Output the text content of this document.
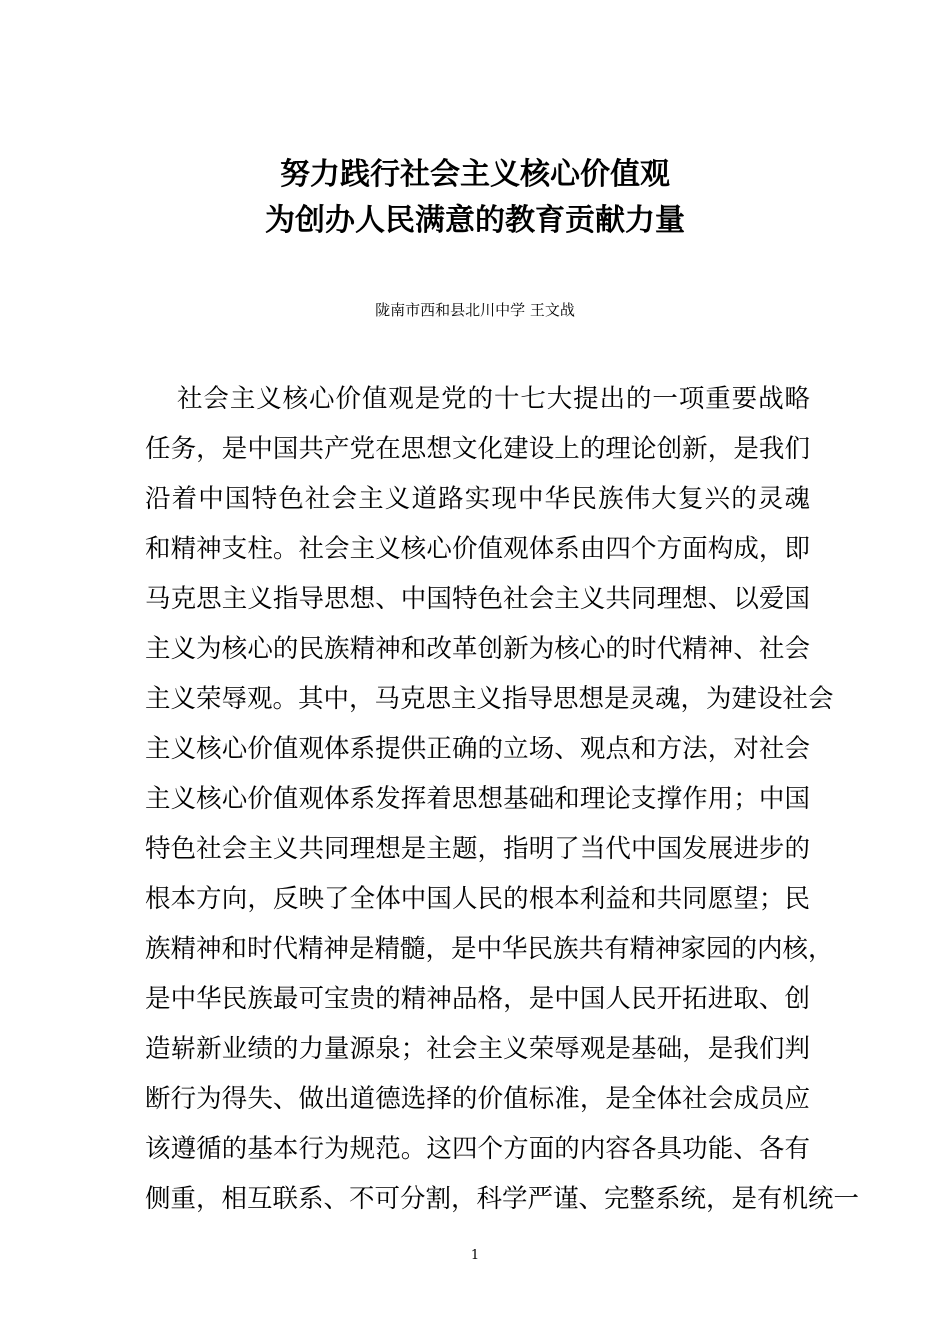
努力践行社会主义核心价值观
为创办人民满意的教育贡献力量
陇南市西和县北川中学 王文战
社会主义核心价值观是党的十七大提出的一项重要战略
任务，是中国共产党在思想文化建设上的理论创新，是我们
沿着中国特色社会主义道路实现中华民族伟大复兴的灵魂
和精神支柱。社会主义核心价值观体系由四个方面构成，即
马克思主义指导思想、中国特色社会主义共同理想、以爱国
主义为核心的民族精神和改革创新为核心的时代精神、社会
主义荣辱观。其中，马克思主义指导思想是灵魂，为建设社会
主义核心价值观体系提供正确的立场、观点和方法，对社会
主义核心价值观体系发挥着思想基础和理论支撑作用；中国
特色社会主义共同理想是主题，指明了当代中国发展进步的
根本方向，反映了全体中国人民的根本利益和共同愿望；民
族精神和时代精神是精髓，是中华民族共有精神家园的内核，
是中华民族最可宝贵的精神品格，是中国人民开拓进取、创
造崭新业绩的力量源泉；社会主义荣辱观是基础，是我们判
断行为得失、做出道德选择的价值标准，是全体社会成员应
该遵循的基本行为规范。这四个方面的内容各具功能、各有
侧重，相互联系、不可分割，科学严谨、完整系统，是有机统一
1
